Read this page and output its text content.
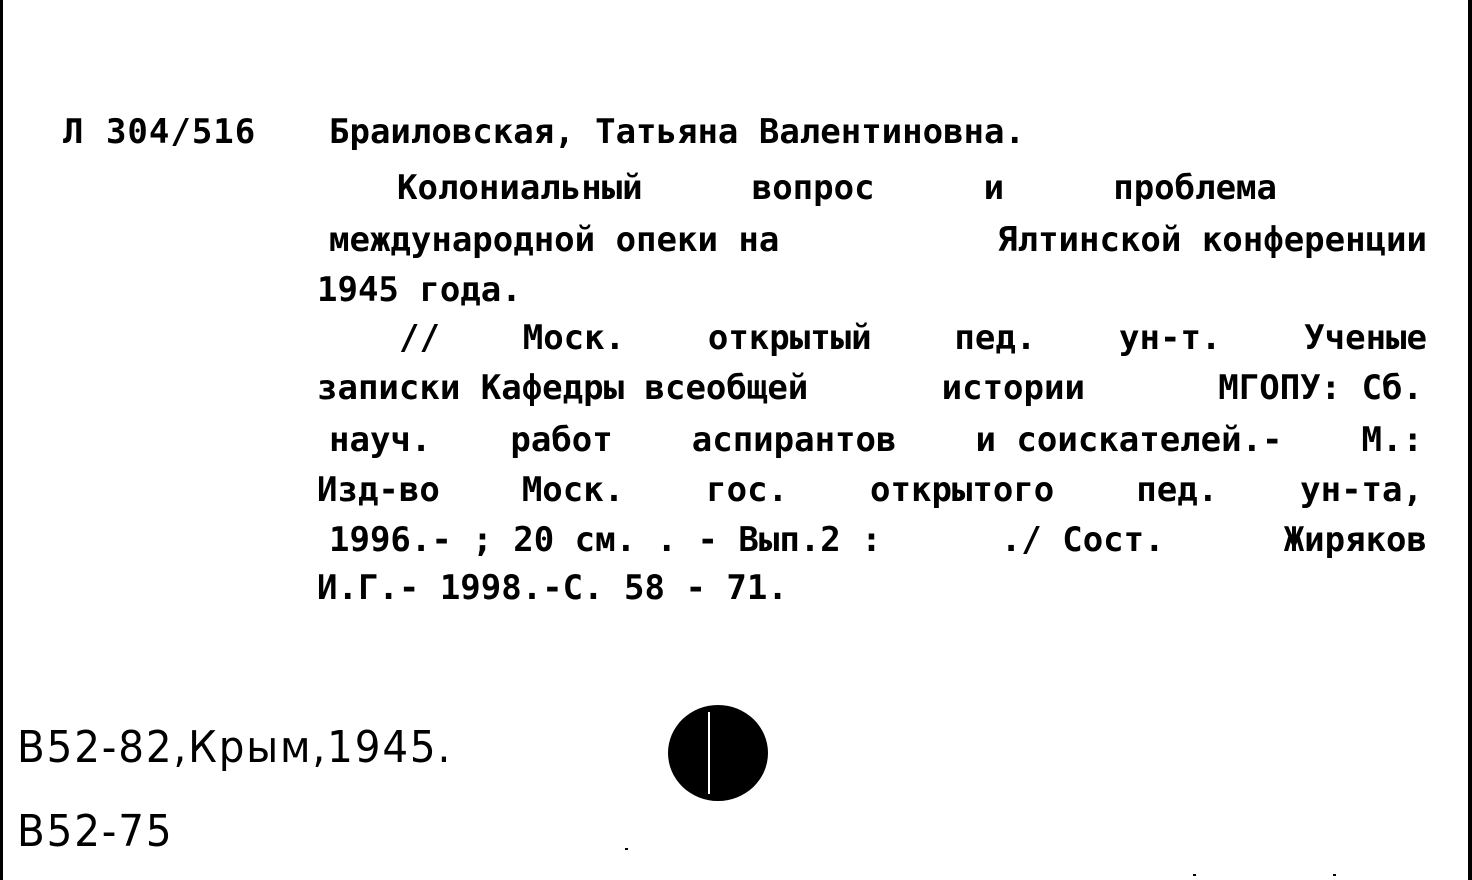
Л 304/516 Браиловская, Татьяна Валентиновна.
Колониальный	вопрос	и	проблема
международной опеки на	Ялтинской конференции
1945 года.
// Моск. открытый пед. ун-т. Ученые
записки Кафедры всеобщей	истории	МГОПУ: Сб.
науч. работ аспирантов и соискателей.- М.:
Изд-во Моск. гос. открытого пед. ун-та,
1996.- ; 20 см. . - Вып.2 :	./ Сост.	Жиряков
И.Г.- 1998.-С. 58 - 71.
В52-82,Крым,1945.
В52-75
